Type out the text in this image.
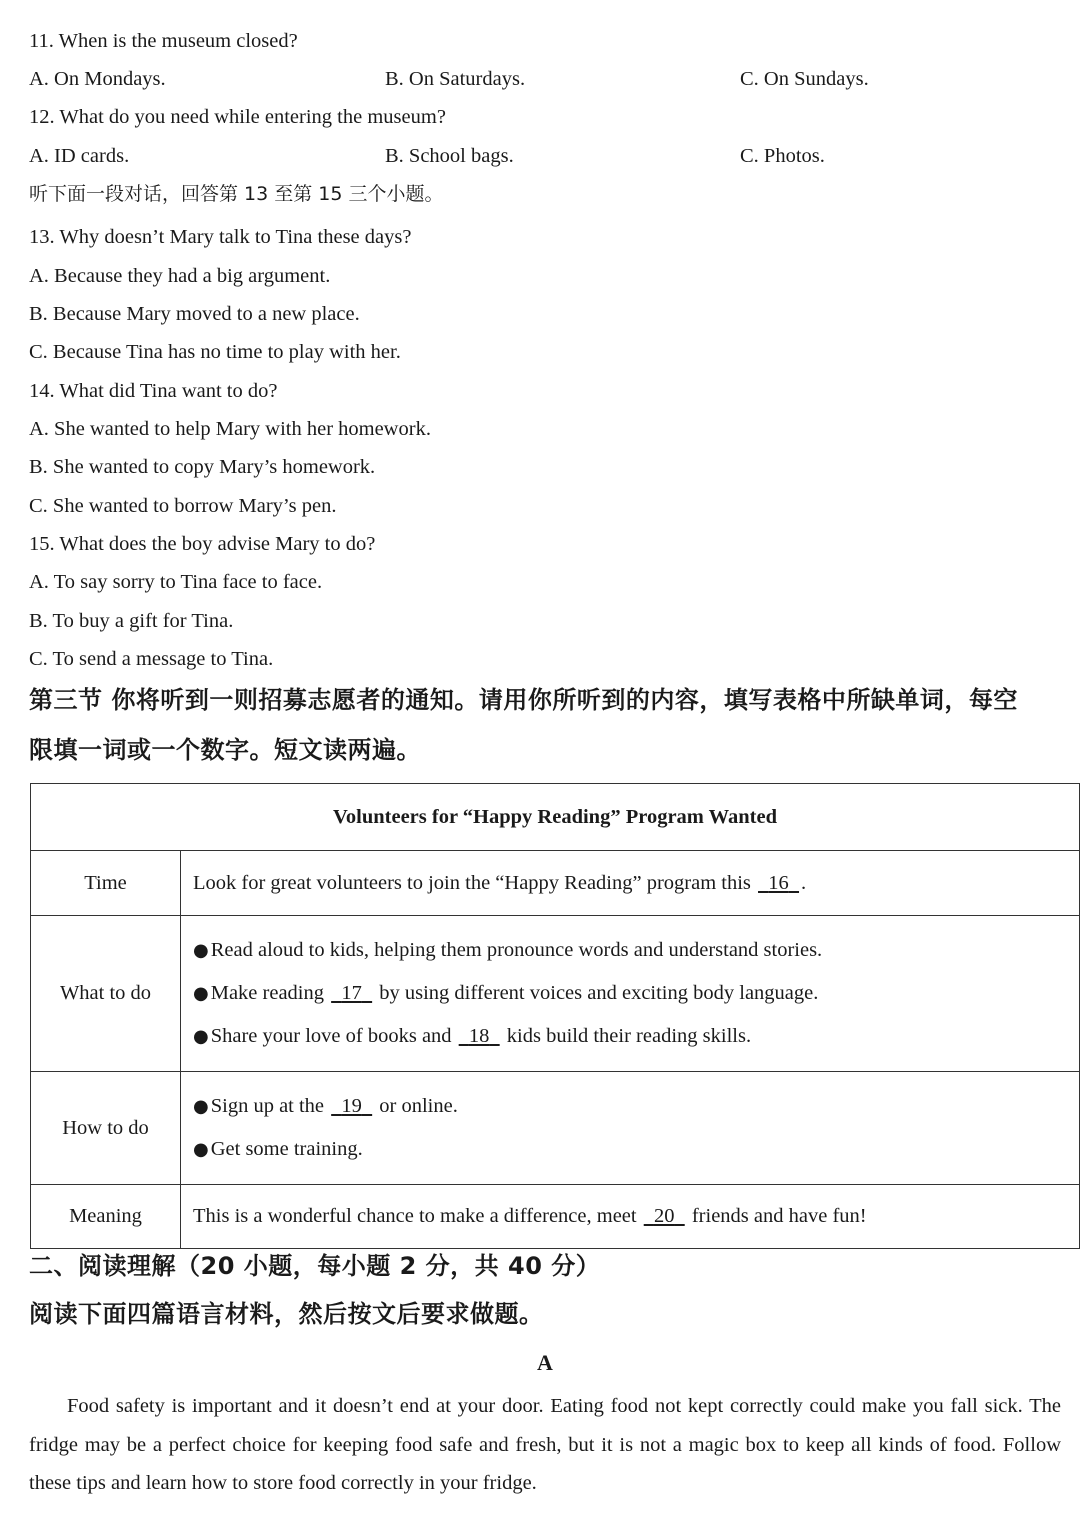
11. When is the museum closed?
A. On Mondays.	B. On Saturdays.	C. On Sundays.
12. What do you need while entering the museum?
A. ID cards.	B. School bags.	C. Photos.
听下面一段对话，回答第 13 至第 15 三个小题。
13. Why doesn’t Mary talk to Tina these days?
A. Because they had a big argument.
B. Because Mary moved to a new place.
C. Because Tina has no time to play with her.
14. What did Tina want to do?
A. She wanted to help Mary with her homework.
B. She wanted to copy Mary’s homework.
C. She wanted to borrow Mary’s pen.
15. What does the boy advise Mary to do?
A. To say sorry to Tina face to face.
B. To buy a gift for Tina.
C. To send a message to Tina.
第三节 你将听到一则招募志愿者的通知。请用你所听到的内容，填写表格中所缺单词，每空
限填一词或一个数字。短文读两遍。
Volunteers for “Happy Reading” Program Wanted	
Time	Look for great volunteers to join the “Happy Reading” program this   16 .
What to do	●Read aloud to kids, helping them pronounce words and understand stories.
●Make reading   17   by using different voices and exciting body language.
●Share your love of books and   18   kids build their reading skills.

How to do	●Sign up at the   19   or online.
●Get some training.

Meaning	This is a wonderful chance to make a difference, meet   20   friends and have fun!
二、阅读理解（20 小题，每小题 2 分，共 40 分）
阅读下面四篇语言材料，然后按文后要求做题。
A
Food safety is important and it doesn’t end at your door. Eating food not kept correctly could make you fall sick. The fridge may be a perfect choice for keeping food safe and fresh, but it is not a magic box to keep all kinds of food. Follow these tips and learn how to store food correctly in your fridge.
